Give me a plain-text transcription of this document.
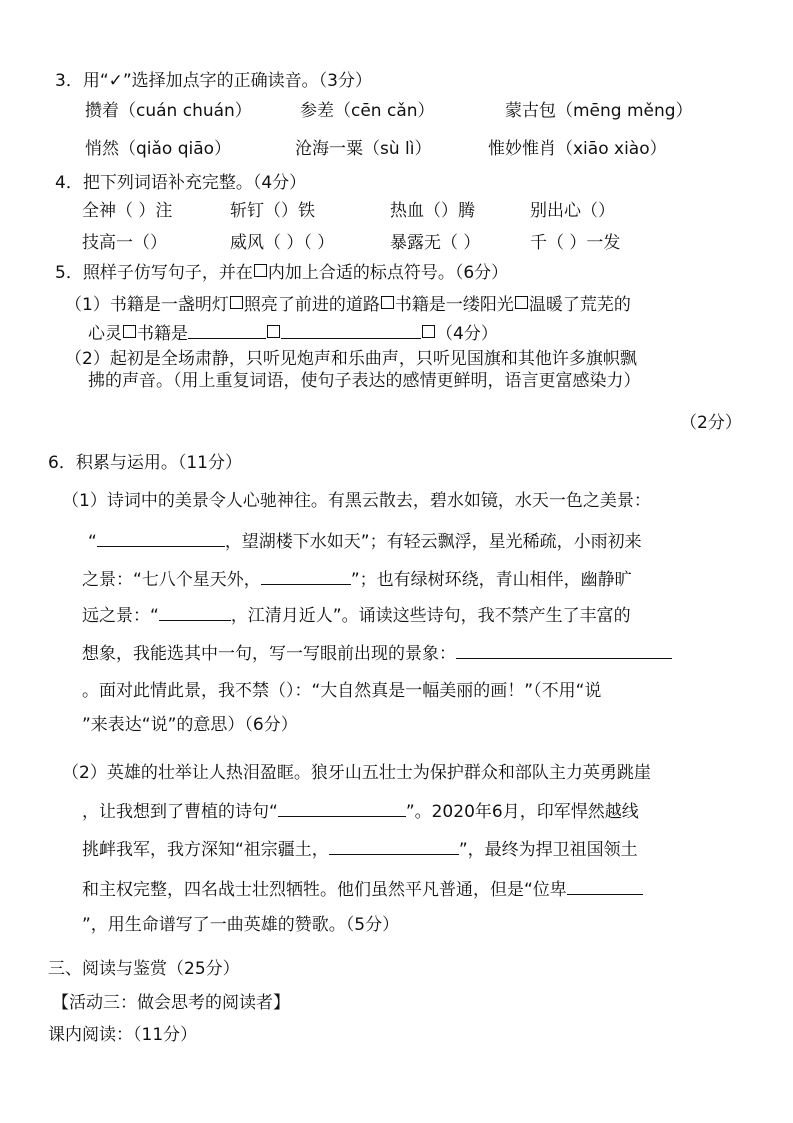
3．用“✓”选择加点字的正确读音。（3分）
攒着（cuán chuán）	参差（cēn cǎn）	蒙古包（mēng měng）
悄然（qiǎo qiāo）	沧海一粟（sù lì）	惟妙惟肖（xiāo xiào）
4．把下列词语补充完整。（4分）
全神（ ）注	斩钉（）铁	热血（）腾	别出心（）
技高一（）	威风（ ）（ ）	暴露无（ ）	千（ ）一发
5．照样子仿写句子，并在 内加上合适的标点符号。（6分）
（1）书籍是一盏明灯 照亮了前进的道路 书籍是一缕阳光 温暖了荒芜的
心灵 书籍是	（4分）
（2）起初是全场肃静，只听见炮声和乐曲声，只听见国旗和其他许多旗帜飘
拂的声音。（用上重复词语，使句子表达的感情更鲜明，语言更富感染力）
（2分）
6．积累与运用。（11分）
（1）诗词中的美景令人心驰神往。有黑云散去，碧水如镜，水天一色之美景：
“	，望湖楼下水如天”；有轻云飘浮，星光稀疏，小雨初来
之景：“七八个星天外，	”；也有绿树环绕，青山相伴，幽静旷
远之景：“	，江清月近人”。诵读这些诗句，我不禁产生了丰富的
想象，我能选其中一句，写一写眼前出现的景象：
。面对此情此景，我不禁（）：“大自然真是一幅美丽的画！”（不用“说
”来表达“说”的意思）（6分）
（2）英雄的壮举让人热泪盈眶。狼牙山五壮士为保护群众和部队主力英勇跳崖
，让我想到了曹植的诗句“	”。2020年6月，印军悍然越线
挑衅我军，我方深知“祖宗疆土，	”，最终为捍卫祖国领土
和主权完整，四名战士壮烈牺牲。他们虽然平凡普通，但是“位卑
”，用生命谱写了一曲英雄的赞歌。（5分）
三、阅读与鉴赏（25分）
【活动三：做会思考的阅读者】
课内阅读：（11分）
